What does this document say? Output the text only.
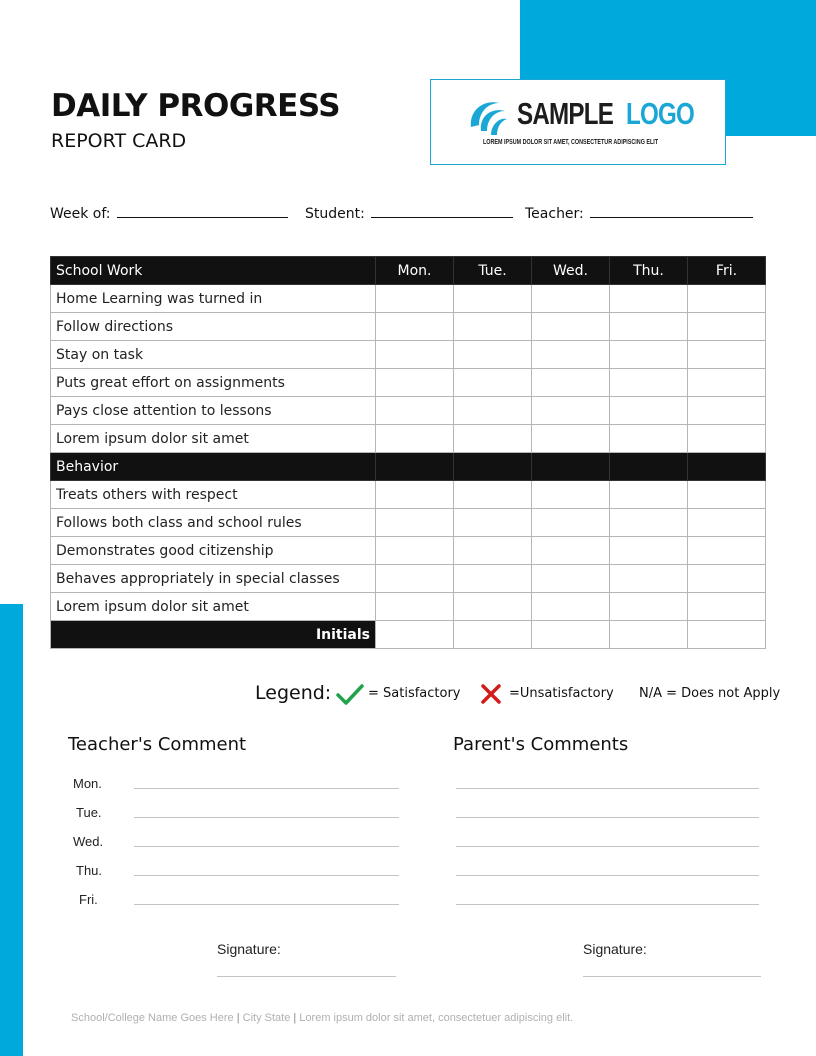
DAILY PROGRESS
REPORT CARD
SAMPLE LOGO
LOREM IPSUM DOLOR SIT AMET, CONSECTETUR ADIPISCING ELIT
Week of:	Student:	Teacher:
School Work	Mon.	Tue.	Wed.	Thu.	Fri.
Home Learning was turned in					
Follow directions					
Stay on task					
Puts great effort on assignments					
Pays close attention to lessons					
Lorem ipsum dolor sit amet					
Behavior					
Treats others with respect					
Follows both class and school rules					
Demonstrates good citizenship					
Behaves appropriately in special classes					
Lorem ipsum dolor sit amet					
Initials					
Legend:	= Satisfactory	=Unsatisfactory N/A = Does not Apply
Teacher's Comment	Parent's Comments
Mon.
Tue.
Wed.
Thu.
Fri.
Signature:	Signature:
School/College Name Goes Here | City State | Lorem ipsum dolor sit amet, consectetuer adipiscing elit.
